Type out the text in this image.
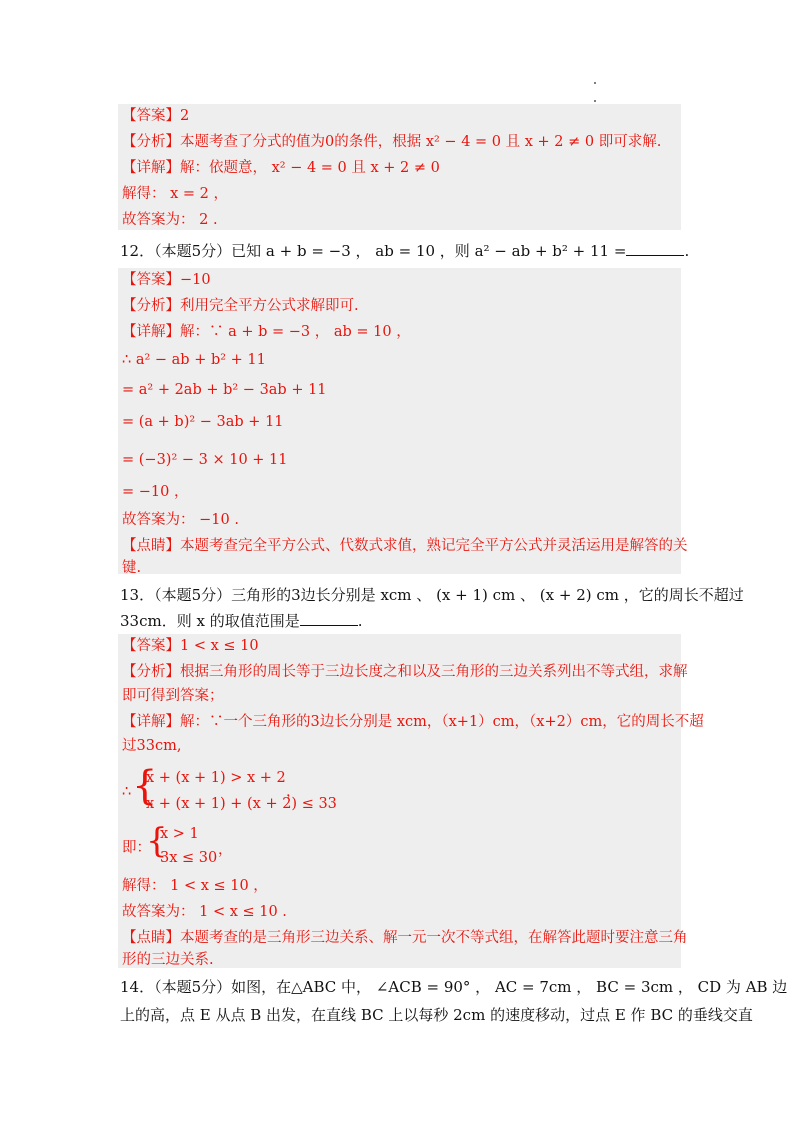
【答案】2
【分析】本题考查了分式的值为0的条件，根据 x² − 4 = 0 且 x + 2 ≠ 0 即可求解.
【详解】解：依题意， x² − 4 = 0 且 x + 2 ≠ 0
解得： x = 2 ，
故答案为： 2 .
12．（本题5分）已知 a + b = −3 ， ab = 10 ，则 a² − ab + b² + 11 =	.
【答案】−10
【分析】利用完全平方公式求解即可.
【详解】解：∵ a + b = −3 ， ab = 10 ，
∴ a² − ab + b² + 11
= a² + 2ab + b² − 3ab + 11
= (a + b)² − 3ab + 11
= (−3)² − 3 × 10 + 11
= −10 ，
故答案为： −10 .
【点睛】本题考查完全平方公式、代数式求值，熟记完全平方公式并灵活运用是解答的关
键.
13．（本题5分）三角形的3边长分别是 xcm 、 (x + 1) cm 、 (x + 2) cm ，它的周长不超过
33cm．则 x 的取值范围是	.
【答案】1 < x ≤ 10
【分析】根据三角形的周长等于三边长度之和以及三角形的三边关系列出不等式组，求解
即可得到答案；
【详解】解：∵一个三角形的3边长分别是 xcm，（x+1）cm，（x+2）cm，它的周长不超
过33cm,
∴ {
x + (x + 1) > x + 2
x + (x + 1) + (x + 2) ≤ 33
，
即：
{
x > 1
3x ≤ 30 ，
解得： 1 < x ≤ 10 ，
故答案为： 1 < x ≤ 10 .
【点睛】本题考查的是三角形三边关系、解一元一次不等式组，在解答此题时要注意三角
形的三边关系.
14．（本题5分）如图，在△ABC 中， ∠ACB = 90° ， AC = 7cm ， BC = 3cm ， CD 为 AB 边
上的高，点 E 从点 B 出发，在直线 BC 上以每秒 2cm 的速度移动，过点 E 作 BC 的垂线交直
